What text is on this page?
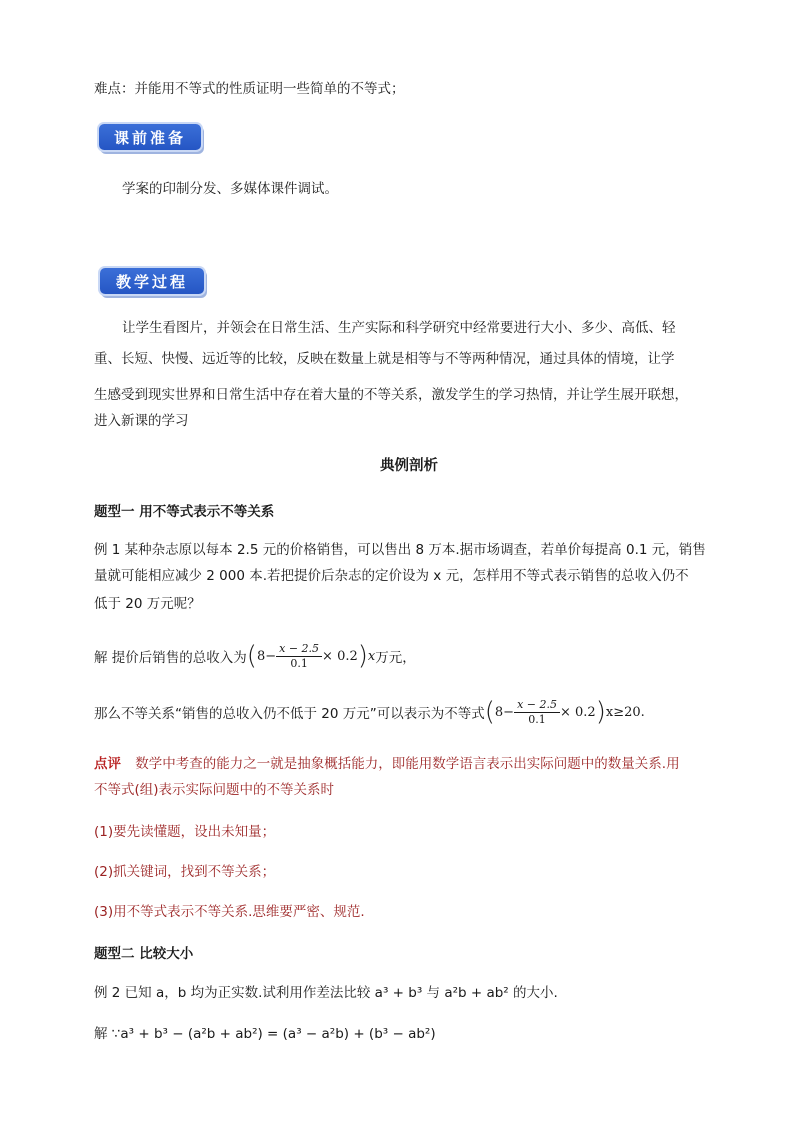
难点：并能用不等式的性质证明一些简单的不等式；
课前准备
学案的印制分发、多媒体课件调试。
教学过程
让学生看图片，并领会在日常生活、生产实际和科学研究中经常要进行大小、多少、高低、轻
重、长短、快慢、远近等的比较，反映在数量上就是相等与不等两种情况，通过具体的情境，让学
生感受到现实世界和日常生活中存在着大量的不等关系，激发学生的学习热情，并让学生展开联想，
进入新课的学习
典例剖析
题型一 用不等式表示不等关系
例 1 某种杂志原以每本 2.5 元的价格销售，可以售出 8 万本.据市场调查，若单价每提高 0.1 元，销售
量就可能相应减少 2 000 本.若把提价后杂志的定价设为 x 元，怎样用不等式表示销售的总收入仍不
低于 20 万元呢？
解 提价后销售的总收入为 ( $8- \frac{x - 2.5}{0.1} \times 0.2$ ) x 万元，
那么不等关系“销售的总收入仍不低于 20 万元”可以表示为不等式 ( $8- \frac{x - 2.5}{0.1} \times 0.2$ ) x≥20.
点评 数学中考查的能力之一就是抽象概括能力，即能用数学语言表示出实际问题中的数量关系.用
不等式(组)表示实际问题中的不等关系时
(1)要先读懂题，设出未知量；
(2)抓关键词，找到不等关系；
(3)用不等式表示不等关系.思维要严密、规范.
题型二 比较大小
例 2 已知 a，b 均为正实数.试利用作差法比较 a³ + b³ 与 a²b + ab² 的大小.
解 ∵a³ + b³ − (a²b + ab²) = (a³ − a²b) + (b³ − ab²)
